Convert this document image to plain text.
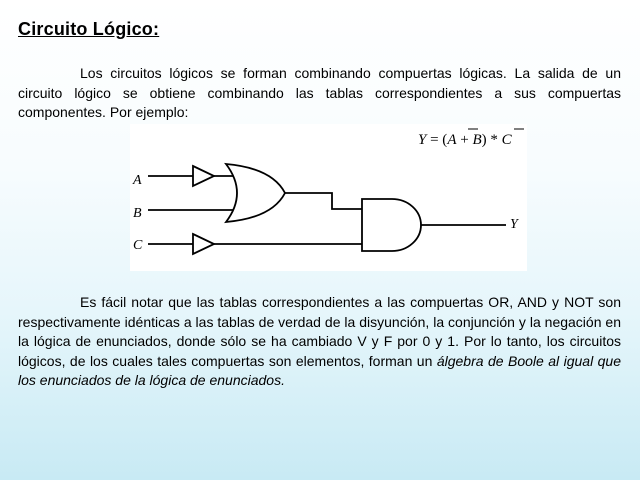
Circuito Lógico:

Los circuitos lógicos se forman combinando compuertas lógicas. La salida de un circuito lógico se obtiene combinando las tablas correspondientes a sus compuertas componentes. Por ejemplo:

Y = (A + B) * C
A
B
C
Y

Es fácil notar que las tablas correspondientes a las compuertas OR, AND y NOT son respectivamente idénticas a las tablas de verdad de la disyunción, la conjunción y la negación en la lógica de enunciados, donde sólo se ha cambiado V y F por 0 y 1. Por lo tanto, los circuitos lógicos, de los cuales tales compuertas son elementos, forman un álgebra de Boole al igual que los enunciados de la lógica de enunciados.
